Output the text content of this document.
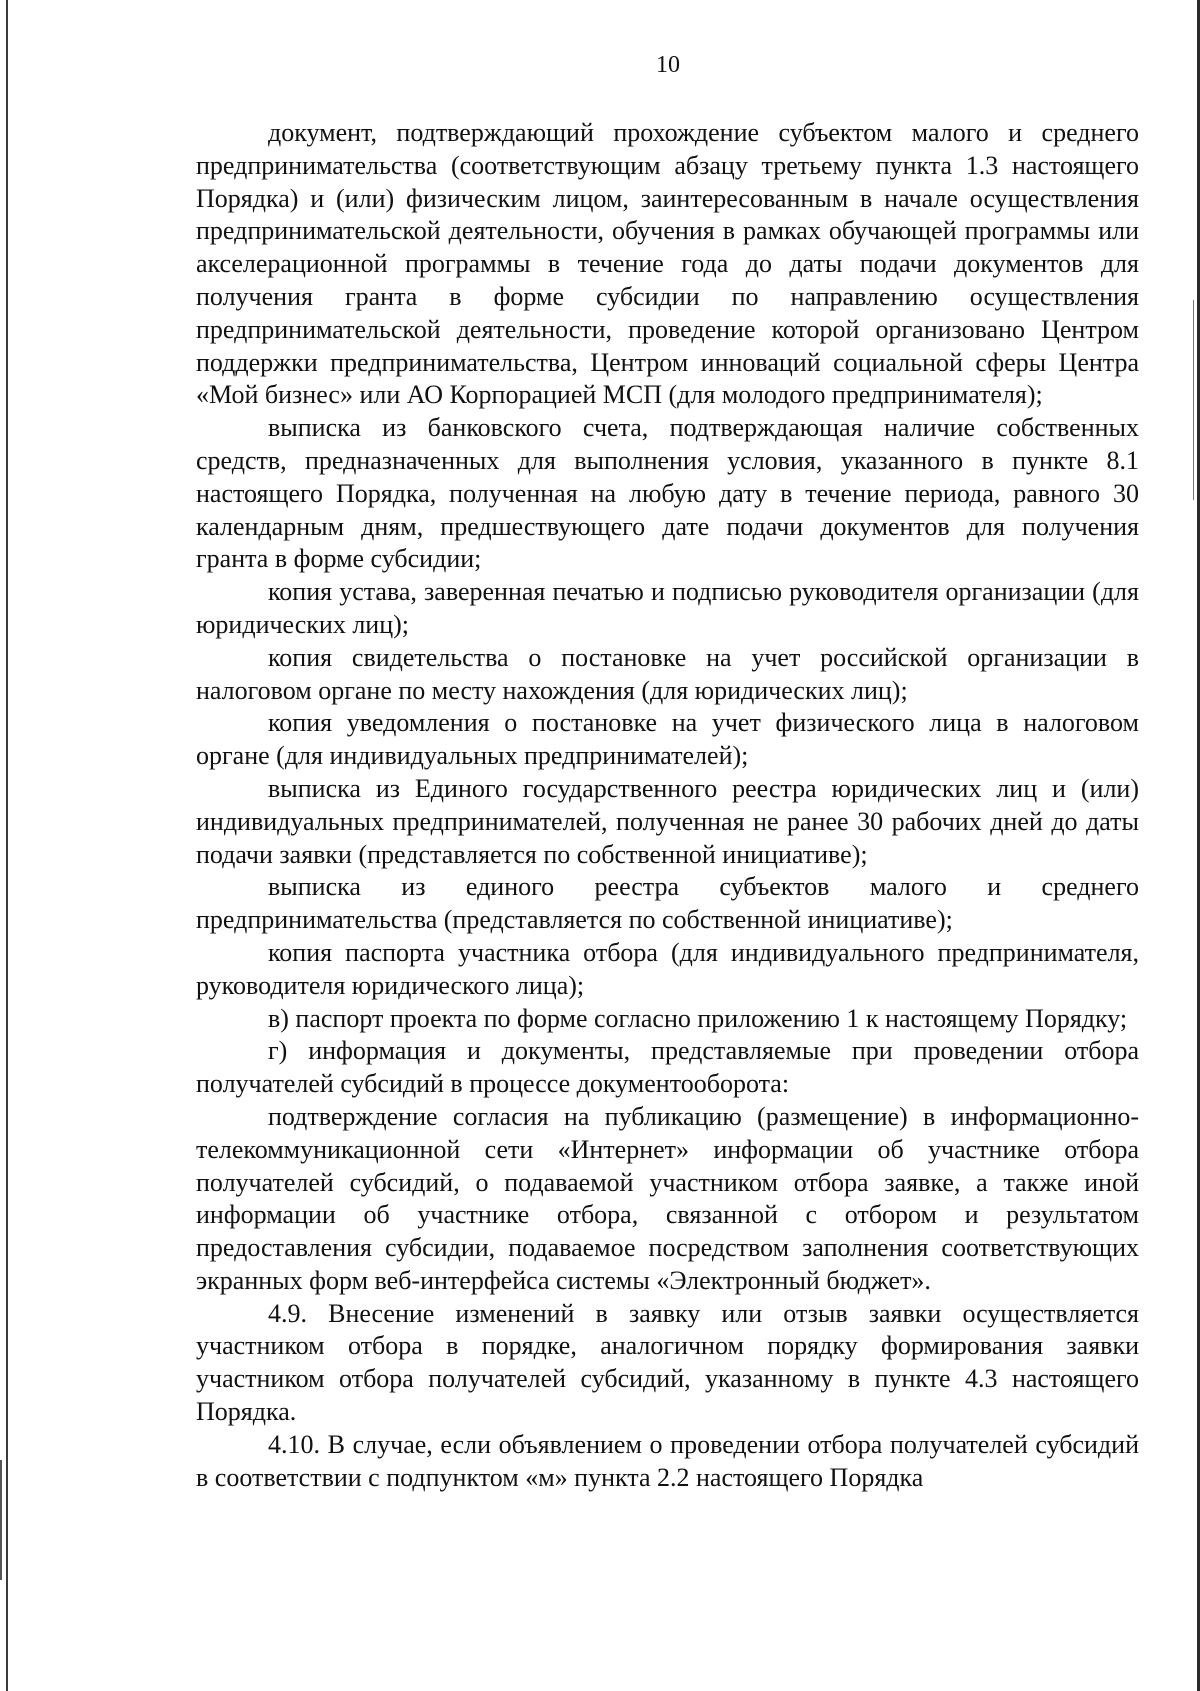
10

документ, подтверждающий прохождение субъектом малого и среднего предпринимательства (соответствующим абзацу третьему пункта 1.3 настоящего Порядка) и (или) физическим лицом, заинтересованным в начале осуществления предпринимательской деятельности, обучения в рамках обучающей программы или акселерационной программы в течение года до даты подачи документов для получения гранта в форме субсидии по направлению осуществления предпринимательской деятельности, проведение которой организовано Центром поддержки предпринимательства, Центром инноваций социальной сферы Центра «Мой бизнес» или АО Корпорацией МСП (для молодого предпринимателя);

выписка из банковского счета, подтверждающая наличие собственных средств, предназначенных для выполнения условия, указанного в пункте 8.1 настоящего Порядка, полученная на любую дату в течение периода, равного 30 календарным дням, предшествующего дате подачи документов для получения гранта в форме субсидии;

копия устава, заверенная печатью и подписью руководителя организации (для юридических лиц);

копия свидетельства о постановке на учет российской организации в налоговом органе по месту нахождения (для юридических лиц);

копия уведомления о постановке на учет физического лица в налоговом органе (для индивидуальных предпринимателей);

выписка из Единого государственного реестра юридических лиц и (или) индивидуальных предпринимателей, полученная не ранее 30 рабочих дней до даты подачи заявки (представляется по собственной инициативе);

выписка из единого реестра субъектов малого и среднего предпринимательства (представляется по собственной инициативе);

копия паспорта участника отбора (для индивидуального предпринимателя, руководителя юридического лица);

в) паспорт проекта по форме согласно приложению 1 к настоящему Порядку;

г) информация и документы, представляемые при проведении отбора получателей субсидий в процессе документооборота:

подтверждение согласия на публикацию (размещение) в информационно-телекоммуникационной сети «Интернет» информации об участнике отбора получателей субсидий, о подаваемой участником отбора заявке, а также иной информации об участнике отбора, связанной с отбором и результатом предоставления субсидии, подаваемое посредством заполнения соответствующих экранных форм веб-интерфейса системы «Электронный бюджет».

4.9. Внесение изменений в заявку или отзыв заявки осуществляется участником отбора в порядке, аналогичном порядку формирования заявки участником отбора получателей субсидий, указанному в пункте 4.3 настоящего Порядка.

4.10. В случае, если объявлением о проведении отбора получателей субсидий в соответствии с подпунктом «м» пункта 2.2 настоящего Порядка
